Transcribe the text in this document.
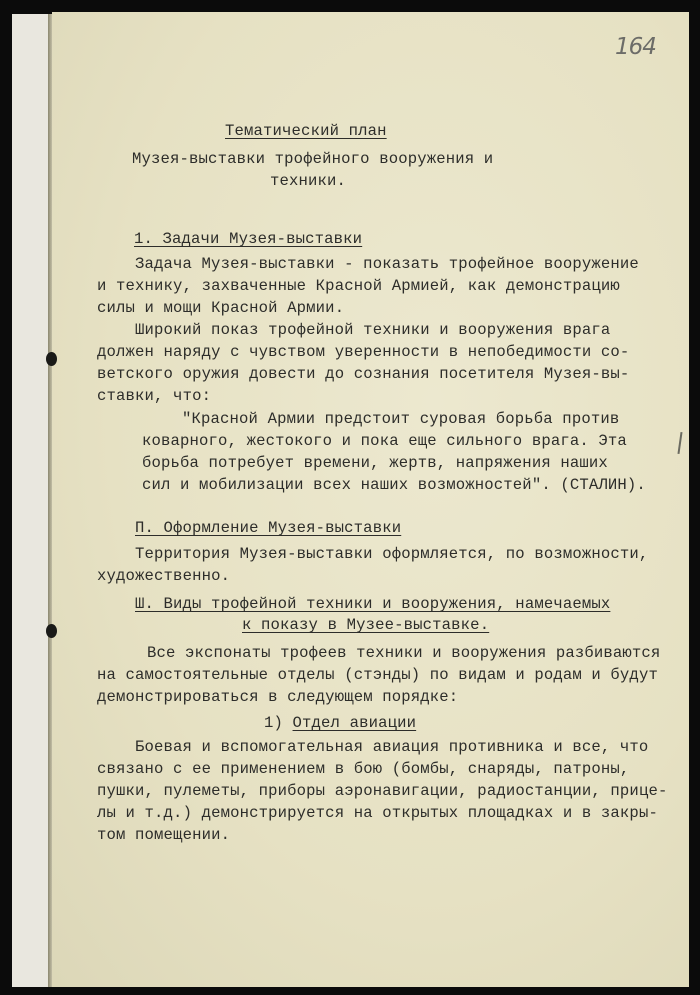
164
Тематический план
Музея-выставки трофейного вооружения и
техники.
1. Задачи Музея-выставки
Задача Музея-выставки - показать трофейное вооружение
и технику, захваченные Красной Армией, как демонстрацию
силы и мощи Красной Армии.
Широкий показ трофейной техники и вооружения врага
должен наряду с чувством уверенности в непобедимости со-
ветского оружия довести до сознания посетителя Музея-вы-
ставки, что:
"Красной Армии предстоит суровая борьба против
коварного, жестокого и пока еще сильного врага. Эта
борьба потребует времени, жертв, напряжения наших
сил и мобилизации всех наших возможностей". (СТАЛИН).
П. Оформление Музея-выставки
Территория Музея-выставки оформляется, по возможности,
художественно.
Ш. Виды трофейной техники и вооружения, намечаемых
к показу в Музее-выставке.
Все экспонаты трофеев техники и вооружения разбиваются
на самостоятельные отделы (стэнды) по видам и родам и будут
демонстрироваться в следующем порядке:
1) Отдел авиации
Боевая и вспомогательная авиация противника и все, что
связано с ее применением в бою (бомбы, снаряды, патроны,
пушки, пулеметы, приборы аэронавигации, радиостанции, прице-
лы и т.д.) демонстрируется на открытых площадках и в закры-
том помещении.
